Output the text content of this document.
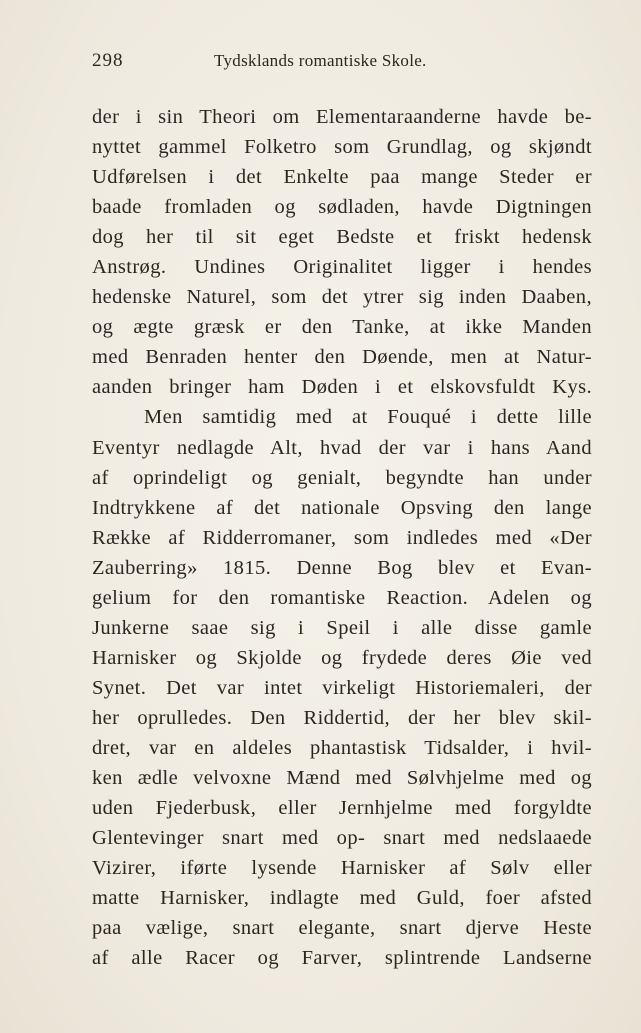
298	Tydsklands romantiske Skole.
der i sin Theori om Elementaraanderne havde be-
nyttet gammel Folketro som Grundlag, og skjøndt
Udførelsen i det Enkelte paa mange Steder er
baade fromladen og sødladen, havde Digtningen
dog her til sit eget Bedste et friskt hedensk
Anstrøg. Undines Originalitet ligger i hendes
hedenske Naturel, som det ytrer sig inden Daaben,
og ægte græsk er den Tanke, at ikke Manden
med Benraden henter den Døende, men at Natur-
aanden bringer ham Døden i et elskovsfuldt Kys.
Men samtidig med at Fouqué i dette lille
Eventyr nedlagde Alt, hvad der var i hans Aand
af oprindeligt og genialt, begyndte han under
Indtrykkene af det nationale Opsving den lange
Række af Ridderromaner, som indledes med «Der
Zauberring» 1815. Denne Bog blev et Evan-
gelium for den romantiske Reaction. Adelen og
Junkerne saae sig i Speil i alle disse gamle
Harnisker og Skjolde og frydede deres Øie ved
Synet. Det var intet virkeligt Historiemaleri, der
her oprulledes. Den Riddertid, der her blev skil-
dret, var en aldeles phantastisk Tidsalder, i hvil-
ken ædle velvoxne Mænd med Sølvhjelme med og
uden Fjederbusk, eller Jernhjelme med forgyldte
Glentevinger snart med op- snart med nedslaaede
Vizirer, iførte lysende Harnisker af Sølv eller
matte Harnisker, indlagte med Guld, foer afsted
paa vælige, snart elegante, snart djerve Heste
af alle Racer og Farver, splintrende Landserne
